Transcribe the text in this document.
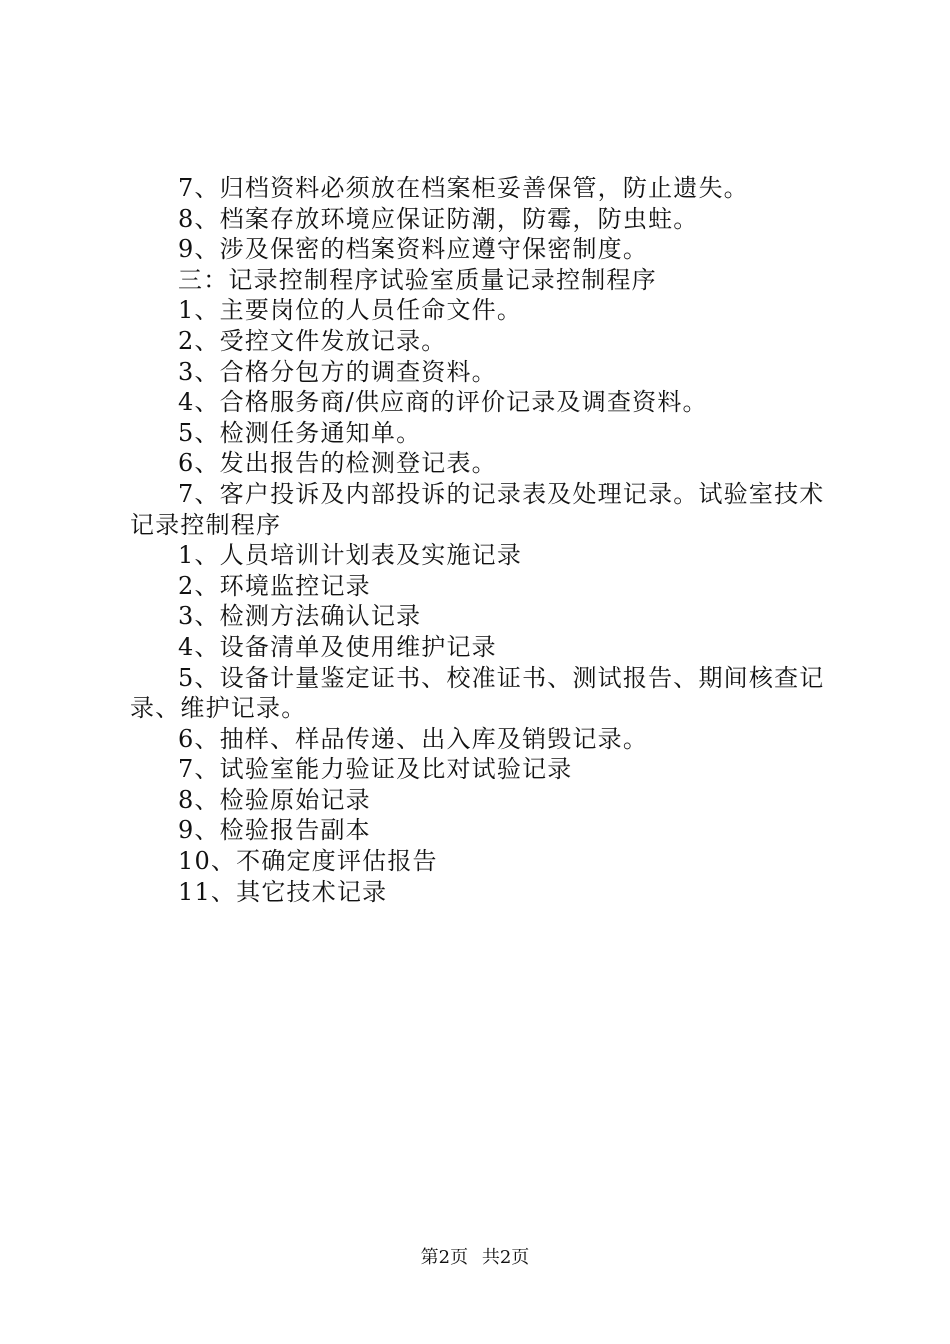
7、归档资料必须放在档案柜妥善保管，防止遗失。

8、档案存放环境应保证防潮，防霉，防虫蛀。

9、涉及保密的档案资料应遵守保密制度。

三：记录控制程序试验室质量记录控制程序

1、主要岗位的人员任命文件。

2、受控文件发放记录。

3、合格分包方的调查资料。

4、合格服务商/供应商的评价记录及调查资料。

5、检测任务通知单。

6、发出报告的检测登记表。

7、客户投诉及内部投诉的记录表及处理记录。试验室技术记录控制程序

1、人员培训计划表及实施记录

2、环境监控记录

3、检测方法确认记录

4、设备清单及使用维护记录

5、设备计量鉴定证书、校准证书、测试报告、期间核查记录、维护记录。

6、抽样、样品传递、出入库及销毁记录。

7、试验室能力验证及比对试验记录

8、检验原始记录

9、检验报告副本

10、不确定度评估报告

11、其它技术记录

第2页 共2页
